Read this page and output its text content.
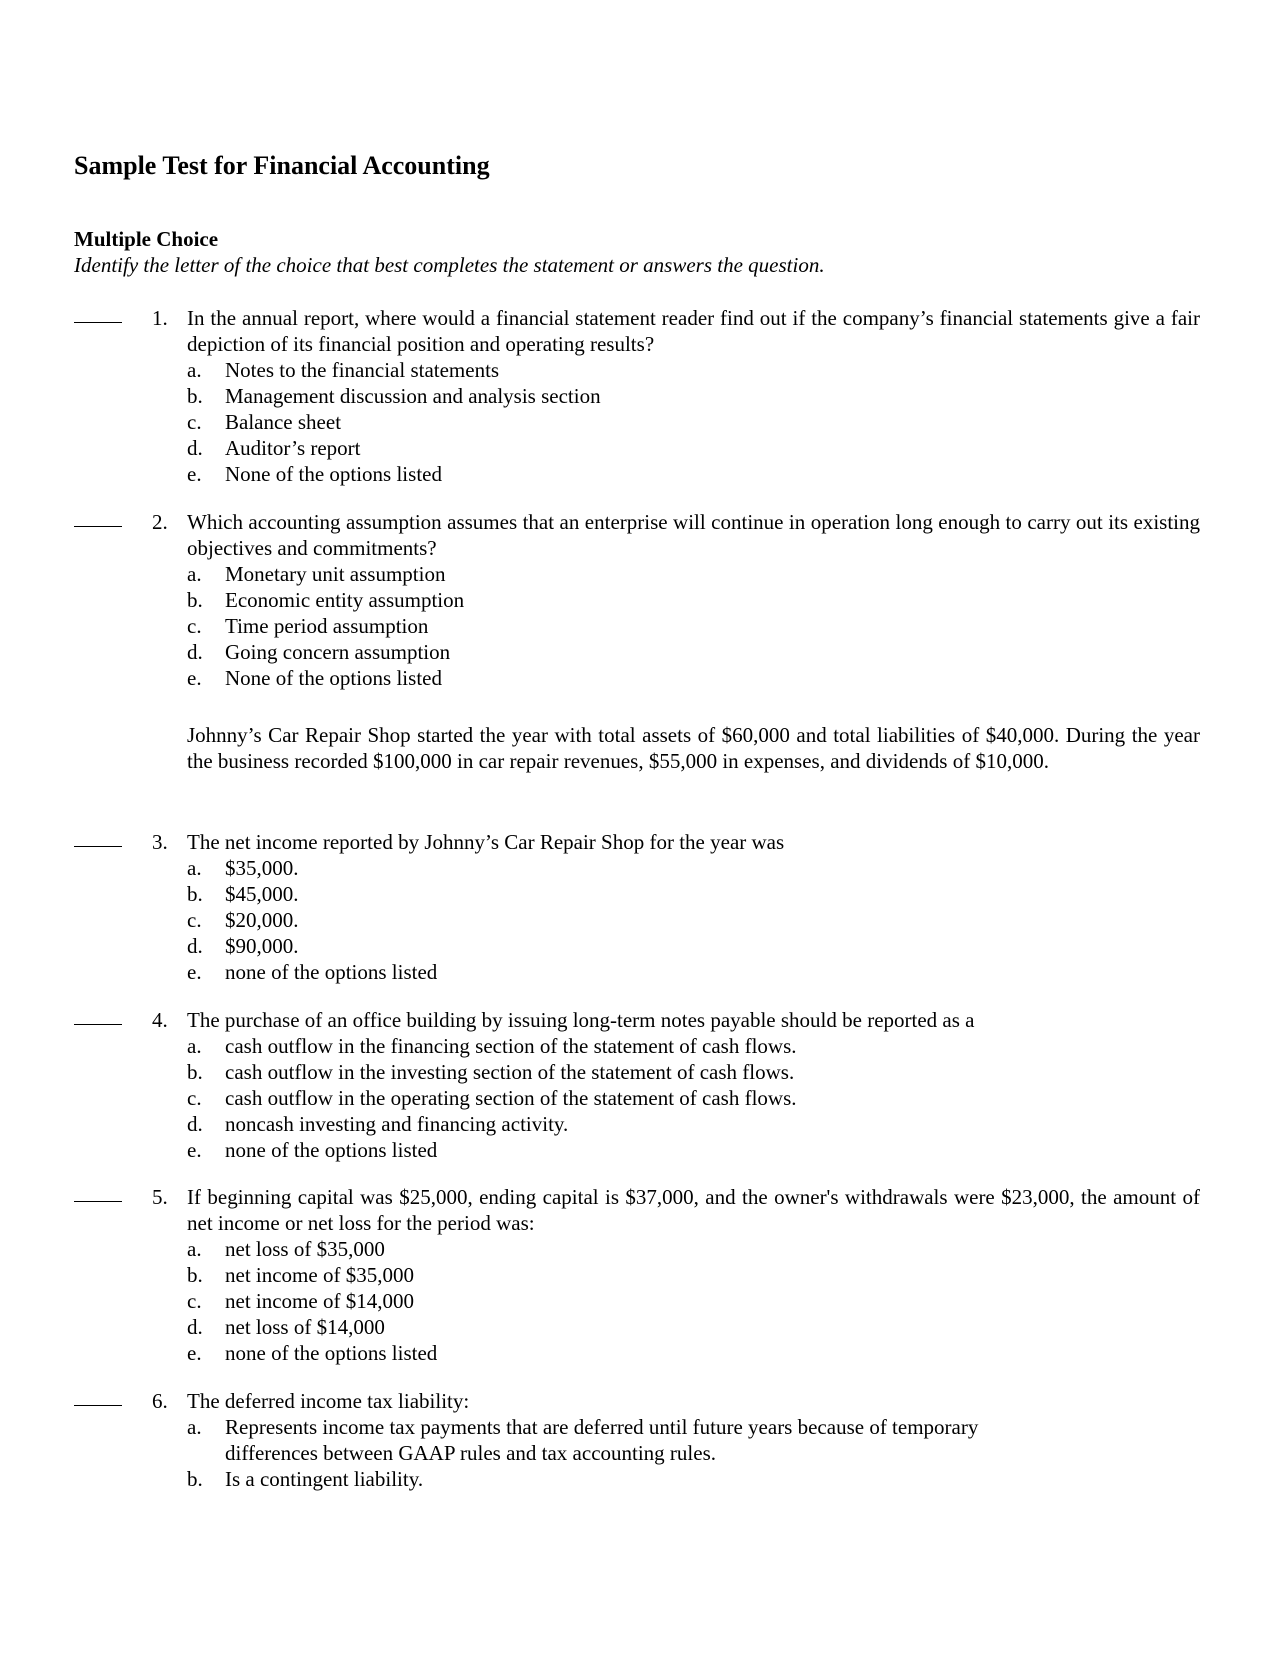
Sample Test for Financial Accounting
Multiple Choice
Identify the letter of the choice that best completes the statement or answers the question.
1. In the annual report, where would a financial statement reader find out if the company’s financial statements give a fair depiction of its financial position and operating results?
a.	Notes to the financial statements
b.	Management discussion and analysis section
c.	Balance sheet
d.	Auditor’s report
e.	None of the options listed
2. Which accounting assumption assumes that an enterprise will continue in operation long enough to carry out its existing objectives and commitments?
a.	Monetary unit assumption
b.	Economic entity assumption
c.	Time period assumption
d.	Going concern assumption
e.	None of the options listed
Johnny’s Car Repair Shop started the year with total assets of $60,000 and total liabilities of $40,000. During the year the business recorded $100,000 in car repair revenues, $55,000 in expenses, and dividends of $10,000.
3. The net income reported by Johnny’s Car Repair Shop for the year was
a.	$35,000.
b.	$45,000.
c.	$20,000.
d.	$90,000.
e.	none of the options listed
4. The purchase of an office building by issuing long-term notes payable should be reported as a
a.	cash outflow in the financing section of the statement of cash flows.
b.	cash outflow in the investing section of the statement of cash flows.
c.	cash outflow in the operating section of the statement of cash flows.
d.	noncash investing and financing activity.
e.	none of the options listed
5. If beginning capital was $25,000, ending capital is $37,000, and the owner's withdrawals were $23,000, the amount of net income or net loss for the period was:
a.	net loss of $35,000
b.	net income of $35,000
c.	net income of $14,000
d.	net loss of $14,000
e.	none of the options listed
6. The deferred income tax liability:
a.	Represents income tax payments that are deferred until future years because of temporary differences between GAAP rules and tax accounting rules.
b.	Is a contingent liability.
